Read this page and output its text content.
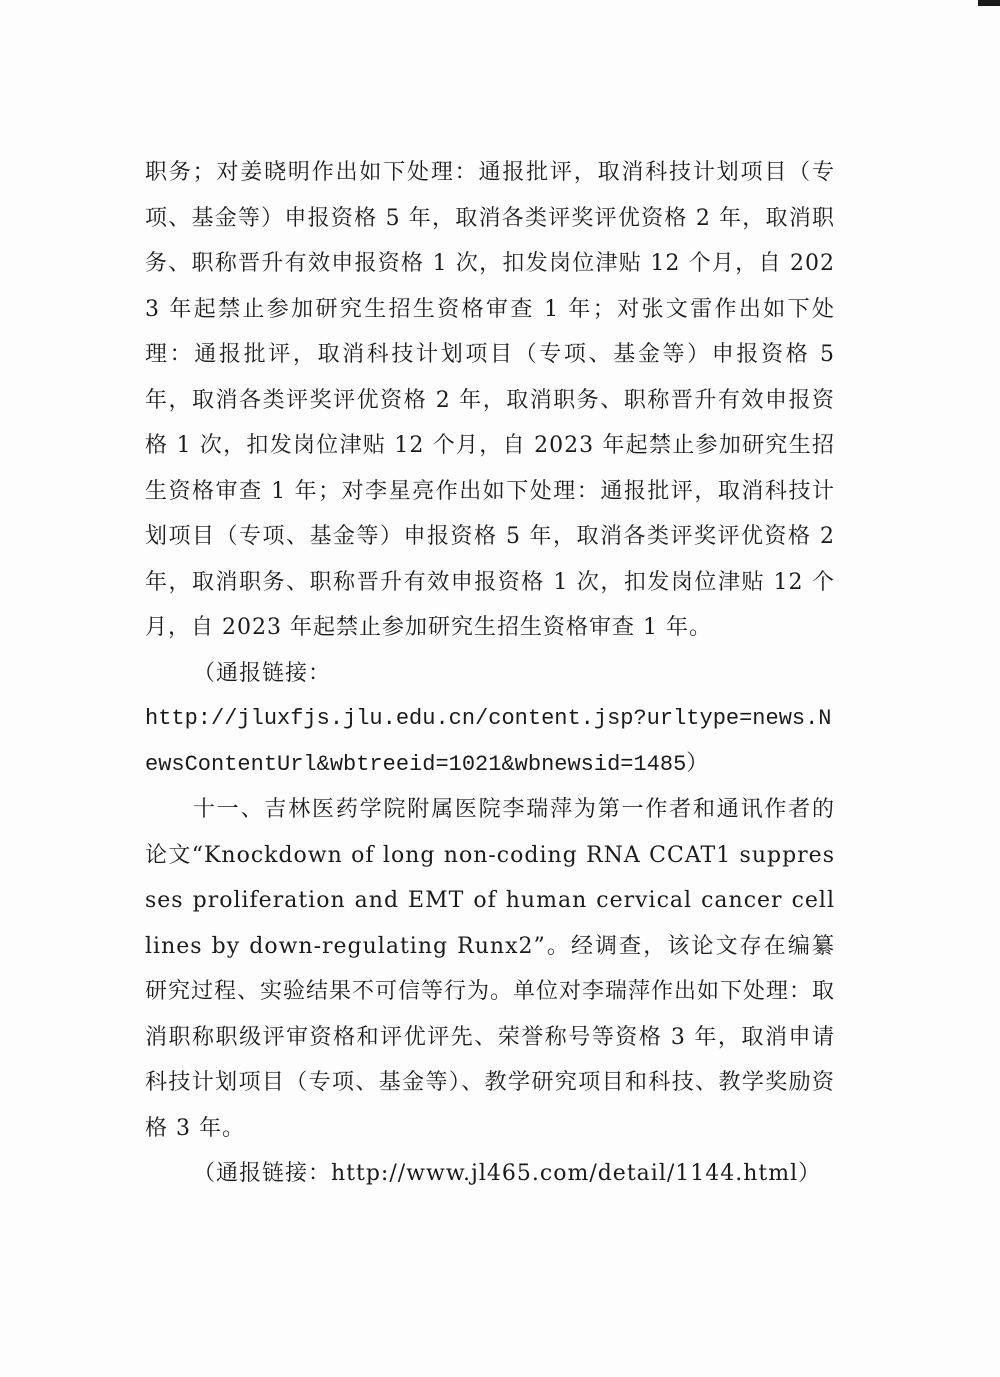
职务；对姜晓明作出如下处理：通报批评，取消科技计划项目（专项、基金等）申报资格 5 年，取消各类评奖评优资格 2 年，取消职务、职称晋升有效申报资格 1 次，扣发岗位津贴 12 个月，自 2023 年起禁止参加研究生招生资格审查 1 年；对张文雷作出如下处理：通报批评，取消科技计划项目（专项、基金等）申报资格 5 年，取消各类评奖评优资格 2 年，取消职务、职称晋升有效申报资格 1 次，扣发岗位津贴 12 个月，自 2023 年起禁止参加研究生招生资格审查 1 年；对李星亮作出如下处理：通报批评，取消科技计划项目（专项、基金等）申报资格 5 年，取消各类评奖评优资格 2 年，取消职务、职称晋升有效申报资格 1 次，扣发岗位津贴 12 个月，自 2023 年起禁止参加研究生招生资格审查 1 年。

（通报链接：

http://jluxfjs.jlu.edu.cn/content.jsp?urltype=news.NewsContentUrl&wbtreeid=1021&wbnewsid=1485）

十一、吉林医药学院附属医院李瑞萍为第一作者和通讯作者的论文“Knockdown of long non-coding RNA CCAT1 suppresses proliferation and EMT of human cervical cancer cell lines by down-regulating Runx2”。经调查，该论文存在编纂研究过程、实验结果不可信等行为。单位对李瑞萍作出如下处理：取消职称职级评审资格和评优评先、荣誉称号等资格 3 年，取消申请科技计划项目（专项、基金等）、教学研究项目和科技、教学奖励资格 3 年。

（通报链接：http://www.jl465.com/detail/1144.html）
